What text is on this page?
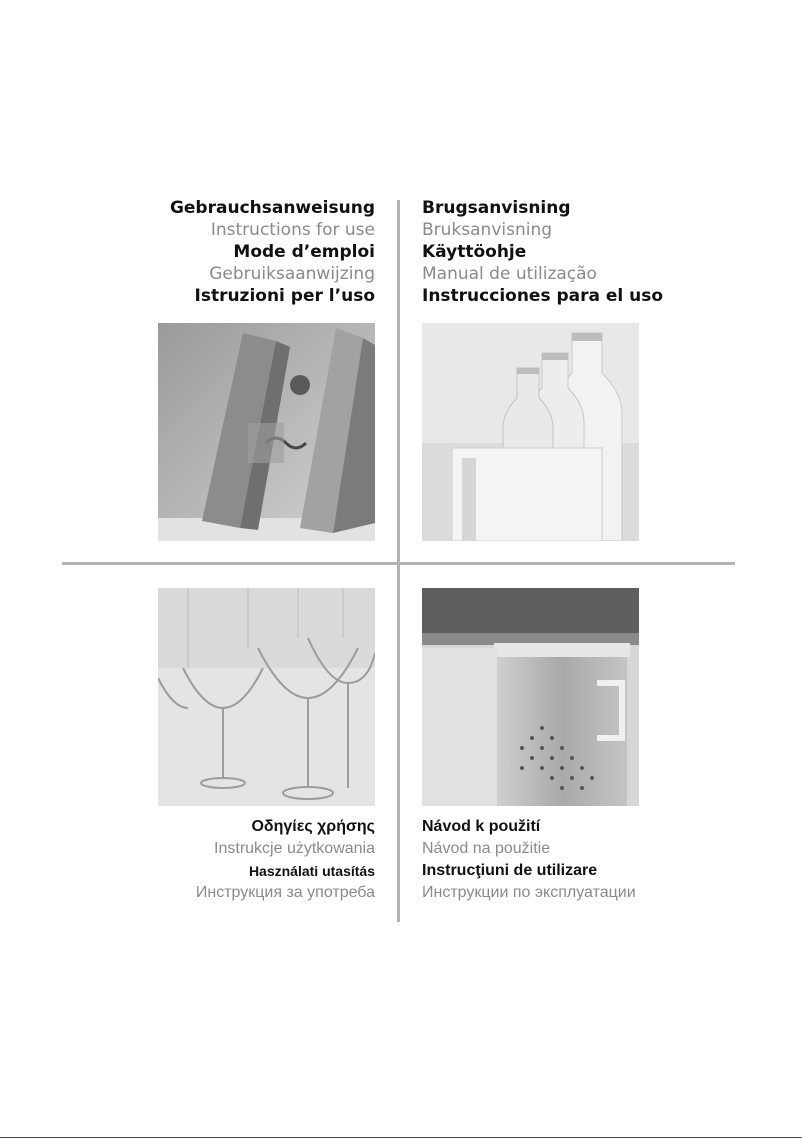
Gebrauchsanweisung
Instructions for use
Mode d’emploi
Gebruiksaanwijzing
Istruzioni per l’uso
Brugsanvisning
Bruksanvisning
Käyttöohje
Manual de utilização
Instrucciones para el uso
Οδηγίες χρήσης
Instrukcje użytkowania
Használati utasítás
Инструкция за употреба
Návod k použití
Návod na použitie
Instrucţiuni de utilizare
Инструкции по эксплуатации
